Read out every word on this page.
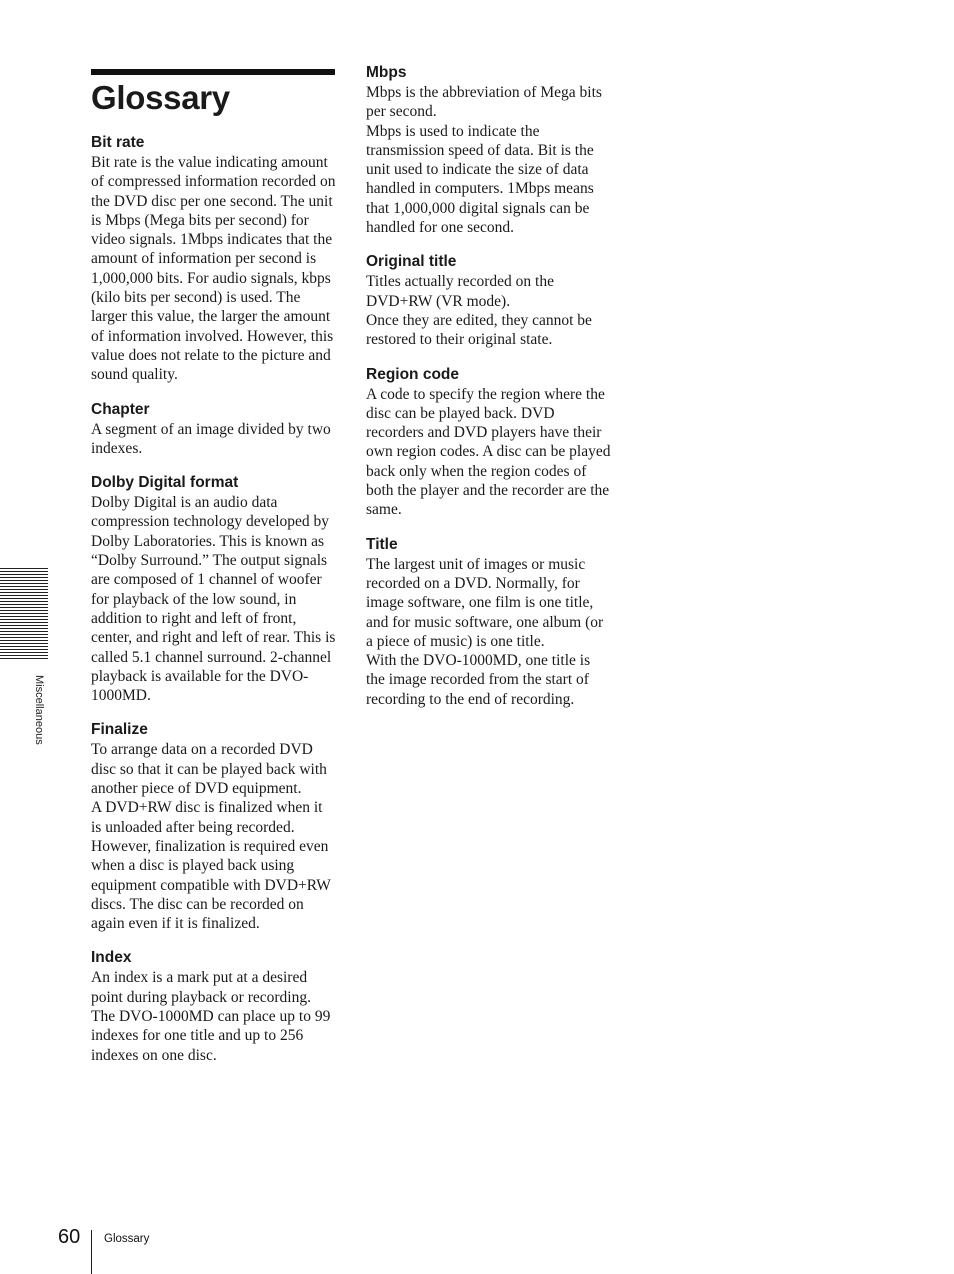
Glossary
Bit rate

Bit rate is the value indicating amount of compressed information recorded on the DVD disc per one second. The unit is Mbps (Mega bits per second) for video signals. 1Mbps indicates that the amount of information per second is 1,000,000 bits. For audio signals, kbps (kilo bits per second) is used. The larger this value, the larger the amount of information involved. However, this value does not relate to the picture and sound quality.

Chapter

A segment of an image divided by two indexes.

Dolby Digital format

Dolby Digital is an audio data compression technology developed by Dolby Laboratories. This is known as “Dolby Surround.” The output signals are composed of 1 channel of woofer for playback of the low sound, in addition to right and left of front, center, and right and left of rear. This is called 5.1 channel surround. 2-channel playback is available for the DVO-1000MD.

Finalize

To arrange data on a recorded DVD disc so that it can be played back with another piece of DVD equipment.

A DVD+RW disc is finalized when it is unloaded after being recorded. However, finalization is required even when a disc is played back using equipment compatible with DVD+RW discs. The disc can be recorded on again even if it is finalized.

Index

An index is a mark put at a desired point during playback or recording. The DVO-1000MD can place up to 99 indexes for one title and up to 256 indexes on one disc.

Mbps

Mbps is the abbreviation of Mega bits per second.

Mbps is used to indicate the transmission speed of data. Bit is the unit used to indicate the size of data handled in computers. 1Mbps means that 1,000,000 digital signals can be handled for one second.

Original title

Titles actually recorded on the DVD+RW (VR mode).

Once they are edited, they cannot be restored to their original state.

Region code

A code to specify the region where the disc can be played back. DVD recorders and DVD players have their own region codes. A disc can be played back only when the region codes of both the player and the recorder are the same.

Title

The largest unit of images or music recorded on a DVD. Normally, for image software, one film is one title, and for music software, one album (or a piece of music) is one title.

With the DVO-1000MD, one title is the image recorded from the start of recording to the end of recording.

Miscellaneous
60 Glossary
